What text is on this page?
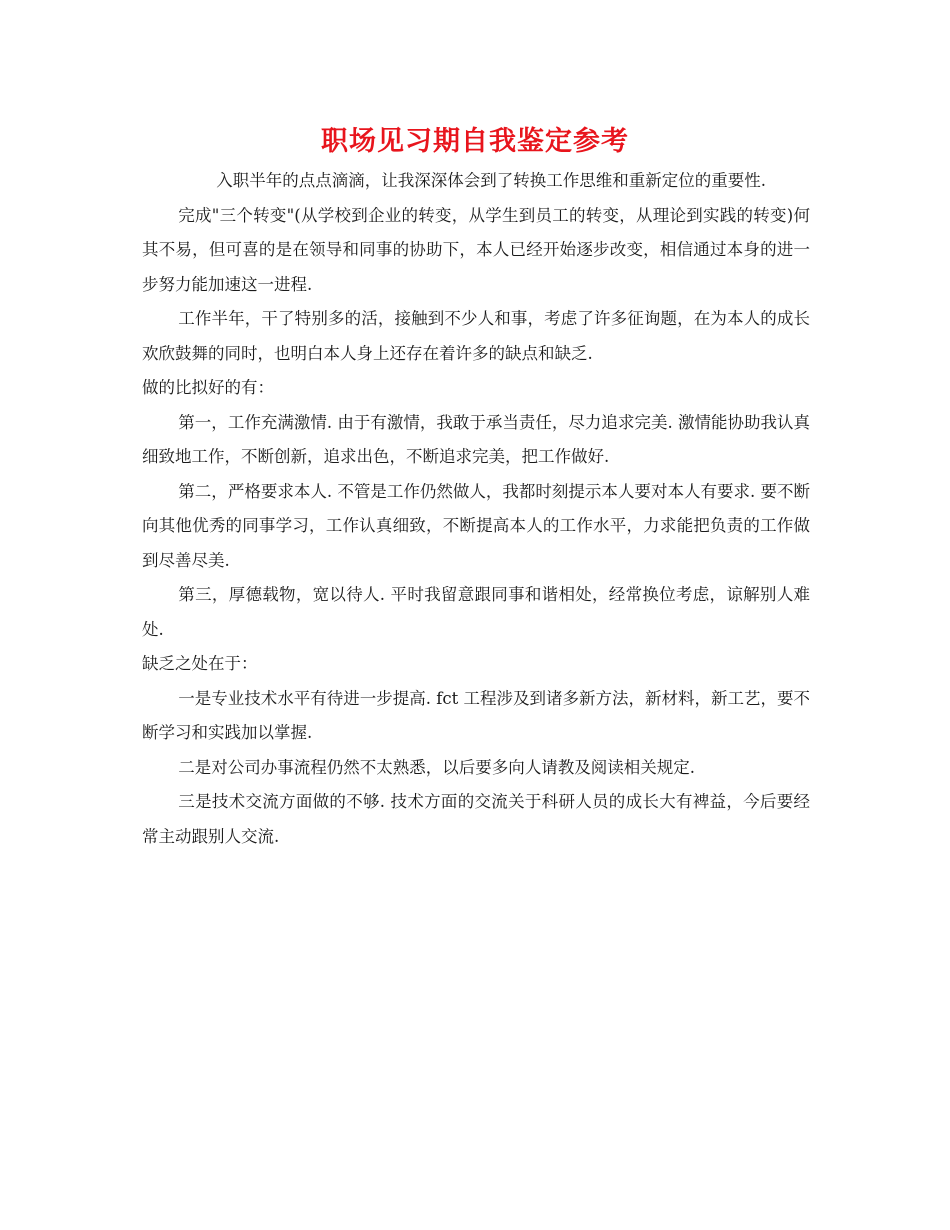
职场见习期自我鉴定参考

入职半年的点点滴滴，让我深深体会到了转换工作思维和重新定位的重要性.

完成"三个转变"(从学校到企业的转变，从学生到员工的转变，从理论到实践的转变)何其不易，但可喜的是在领导和同事的协助下，本人已经开始逐步改变，相信通过本身的进一步努力能加速这一进程.

工作半年，干了特别多的活，接触到不少人和事，考虑了许多征询题，在为本人的成长欢欣鼓舞的同时，也明白本人身上还存在着许多的缺点和缺乏.

做的比拟好的有：

第一，工作充满激情. 由于有激情，我敢于承当责任，尽力追求完美. 激情能协助我认真细致地工作，不断创新，追求出色，不断追求完美，把工作做好.

第二，严格要求本人. 不管是工作仍然做人，我都时刻提示本人要对本人有要求. 要不断向其他优秀的同事学习，工作认真细致，不断提高本人的工作水平，力求能把负责的工作做到尽善尽美.

第三，厚德载物，宽以待人. 平时我留意跟同事和谐相处，经常换位考虑，谅解别人难处.

缺乏之处在于：

一是专业技术水平有待进一步提高. fct 工程涉及到诸多新方法，新材料，新工艺，要不断学习和实践加以掌握.

二是对公司办事流程仍然不太熟悉，以后要多向人请教及阅读相关规定.

三是技术交流方面做的不够. 技术方面的交流关于科研人员的成长大有裨益，今后要经常主动跟别人交流.
